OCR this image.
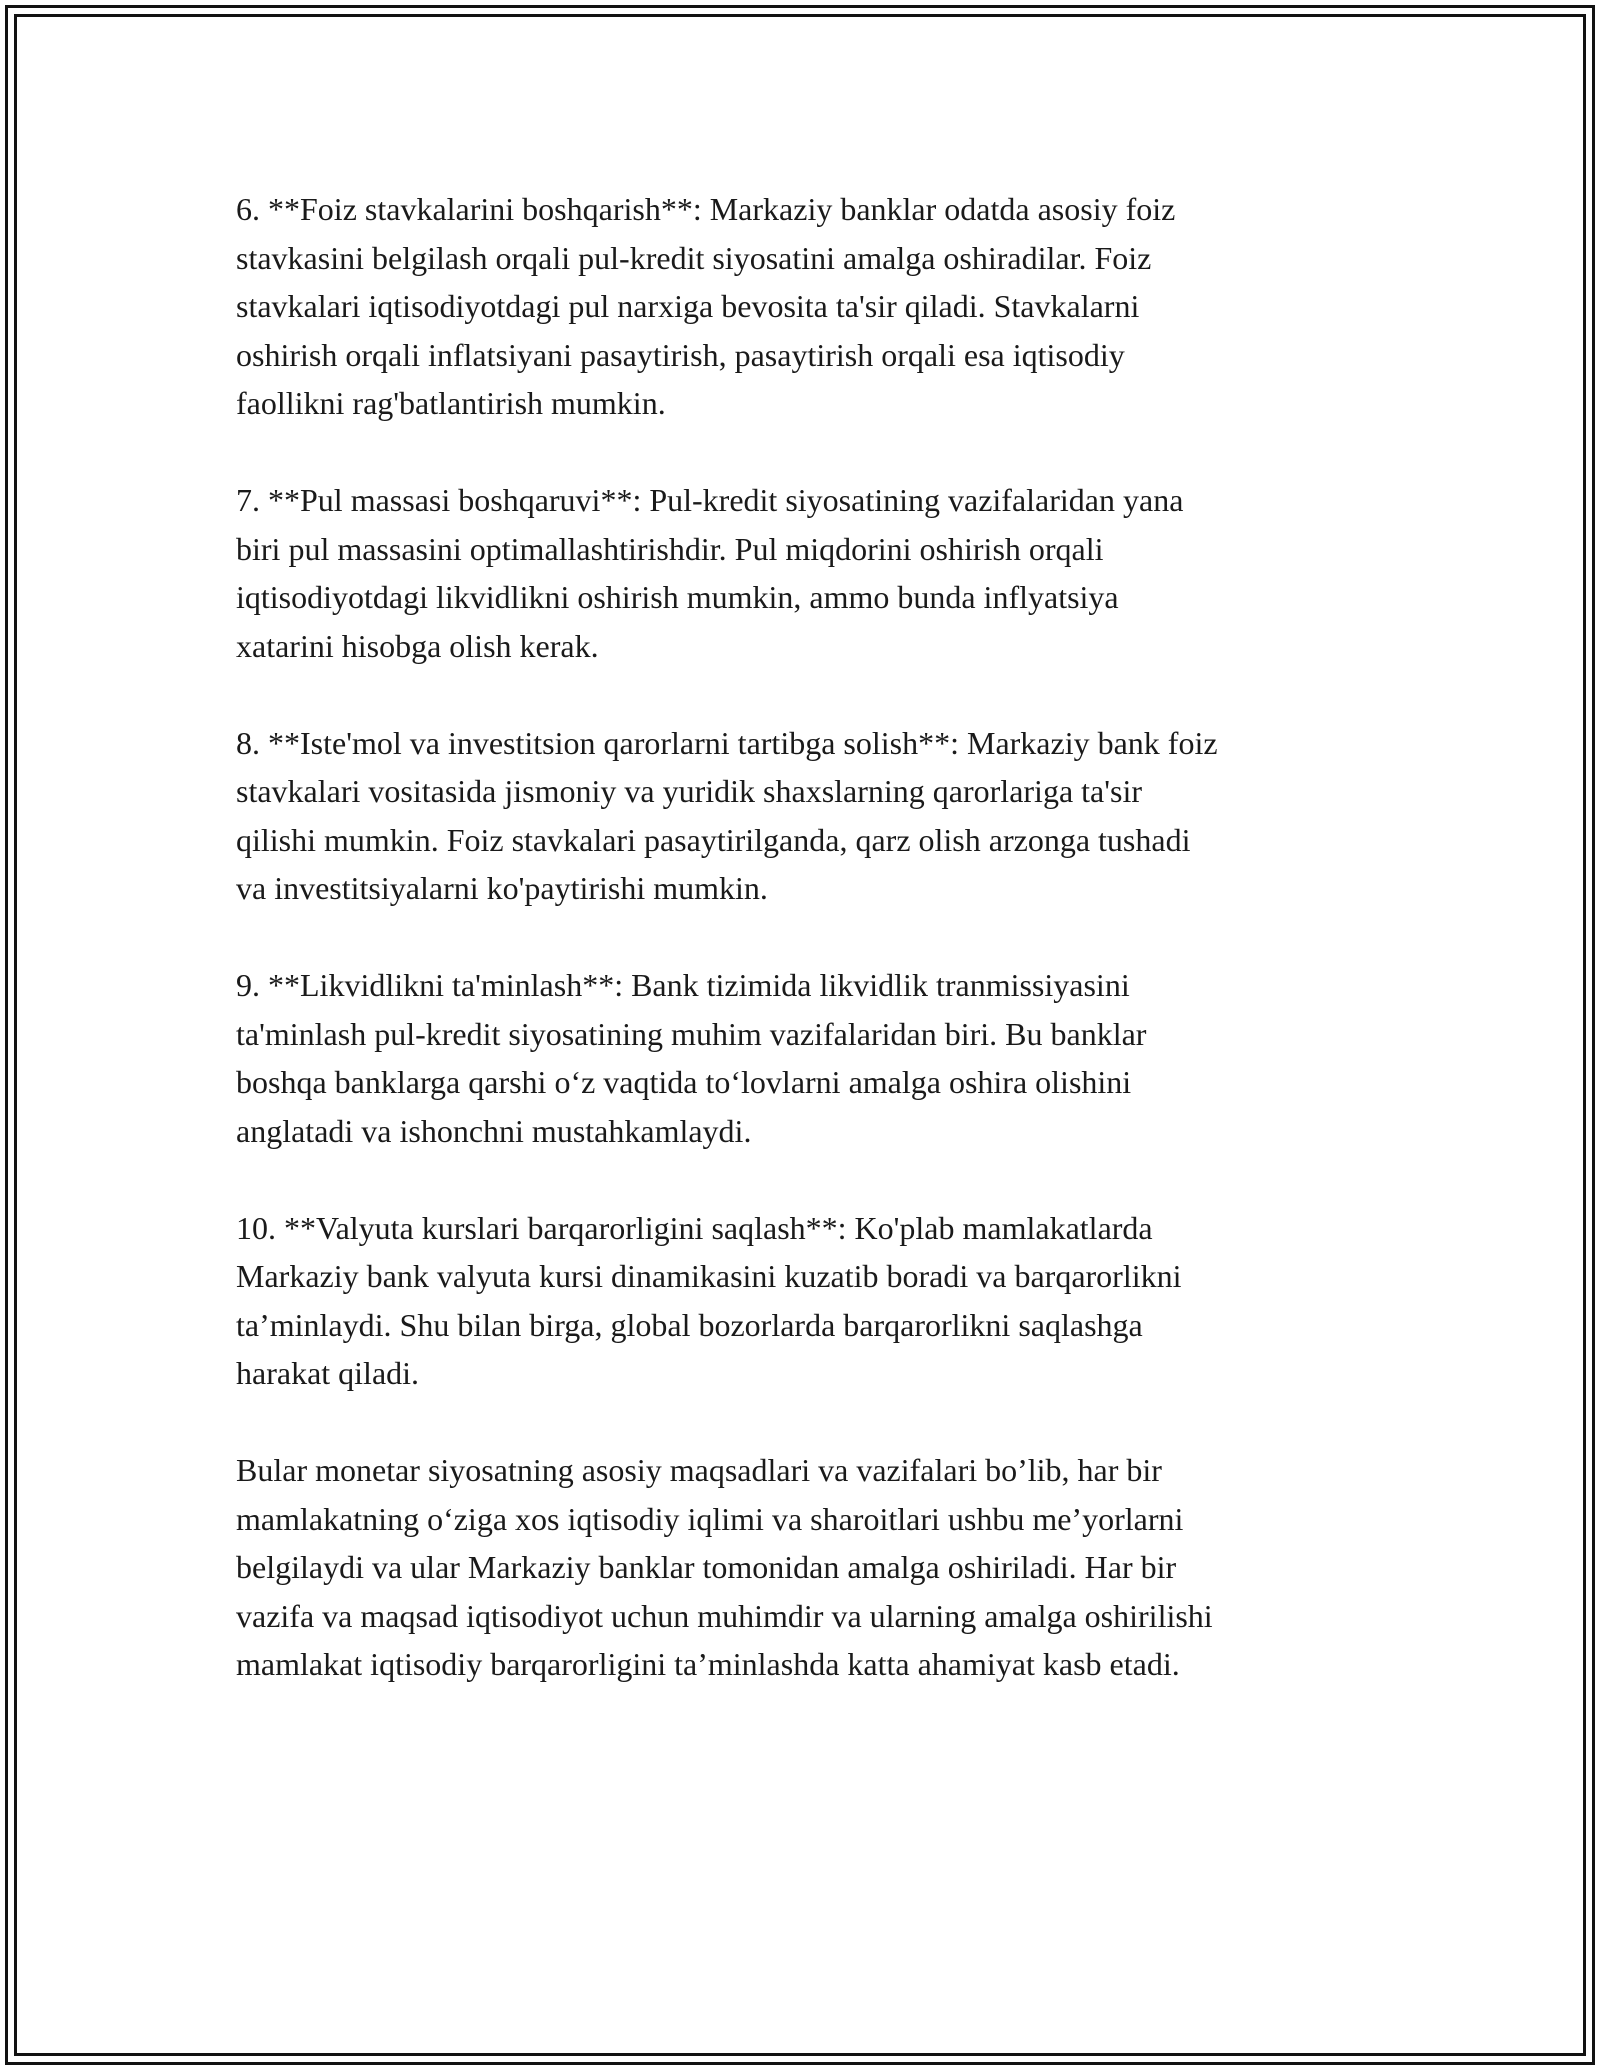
6. **Foiz stavkalarini boshqarish**: Markaziy banklar odatda asosiy foiz
stavkasini belgilash orqali pul-kredit siyosatini amalga oshiradilar. Foiz
stavkalari iqtisodiyotdagi pul narxiga bevosita ta'sir qiladi. Stavkalarni
oshirish orqali inflatsiyani pasaytirish, pasaytirish orqali esa iqtisodiy
faollikni rag'batlantirish mumkin.

7. **Pul massasi boshqaruvi**: Pul-kredit siyosatining vazifalaridan yana
biri pul massasini optimallashtirishdir. Pul miqdorini oshirish orqali
iqtisodiyotdagi likvidlikni oshirish mumkin, ammo bunda inflyatsiya
xatarini hisobga olish kerak.

8. **Iste'mol va investitsion qarorlarni tartibga solish**: Markaziy bank foiz
stavkalari vositasida jismoniy va yuridik shaxslarning qarorlariga ta'sir
qilishi mumkin. Foiz stavkalari pasaytirilganda, qarz olish arzonga tushadi
va investitsiyalarni ko'paytirishi mumkin.

9. **Likvidlikni ta'minlash**: Bank tizimida likvidlik tranmissiyasini
ta'minlash pul-kredit siyosatining muhim vazifalaridan biri. Bu banklar
boshqa banklarga qarshi o‘z vaqtida to‘lovlarni amalga oshira olishini
anglatadi va ishonchni mustahkamlaydi.

10. **Valyuta kurslari barqarorligini saqlash**: Ko'plab mamlakatlarda
Markaziy bank valyuta kursi dinamikasini kuzatib boradi va barqarorlikni
ta’minlaydi. Shu bilan birga, global bozorlarda barqarorlikni saqlashga
harakat qiladi.

Bular monetar siyosatning asosiy maqsadlari va vazifalari bo’lib, har bir
mamlakatning o‘ziga xos iqtisodiy iqlimi va sharoitlari ushbu me’yorlarni
belgilaydi va ular Markaziy banklar tomonidan amalga oshiriladi. Har bir
vazifa va maqsad iqtisodiyot uchun muhimdir va ularning amalga oshirilishi
mamlakat iqtisodiy barqarorligini ta’minlashda katta ahamiyat kasb etadi.
